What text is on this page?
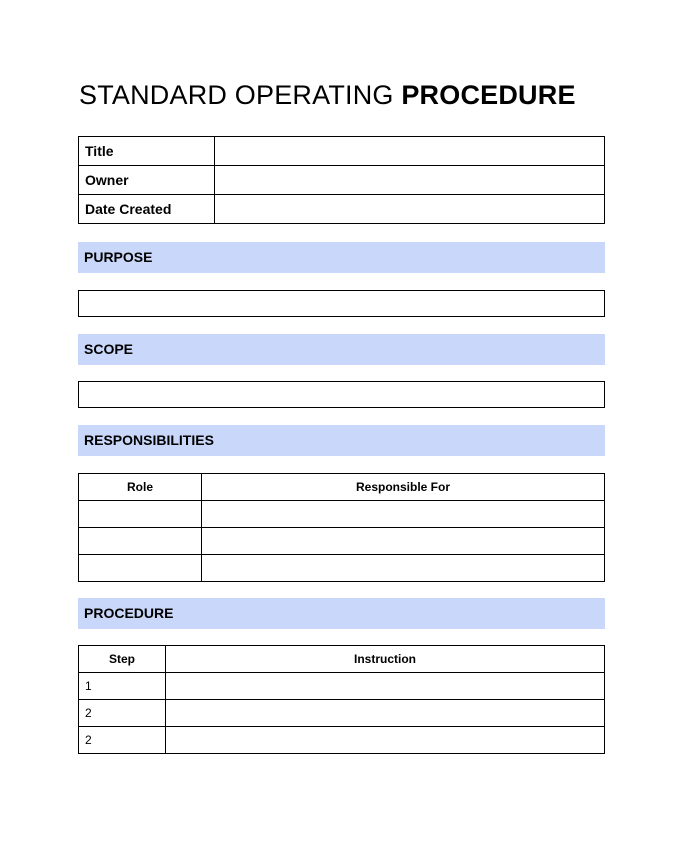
STANDARD OPERATING PROCEDURE
Title	
Owner	
Date Created	
PURPOSE
SCOPE
RESPONSIBILITIES
Role	Responsible For

PROCEDURE
Step	Instruction
1	
2	
2	
